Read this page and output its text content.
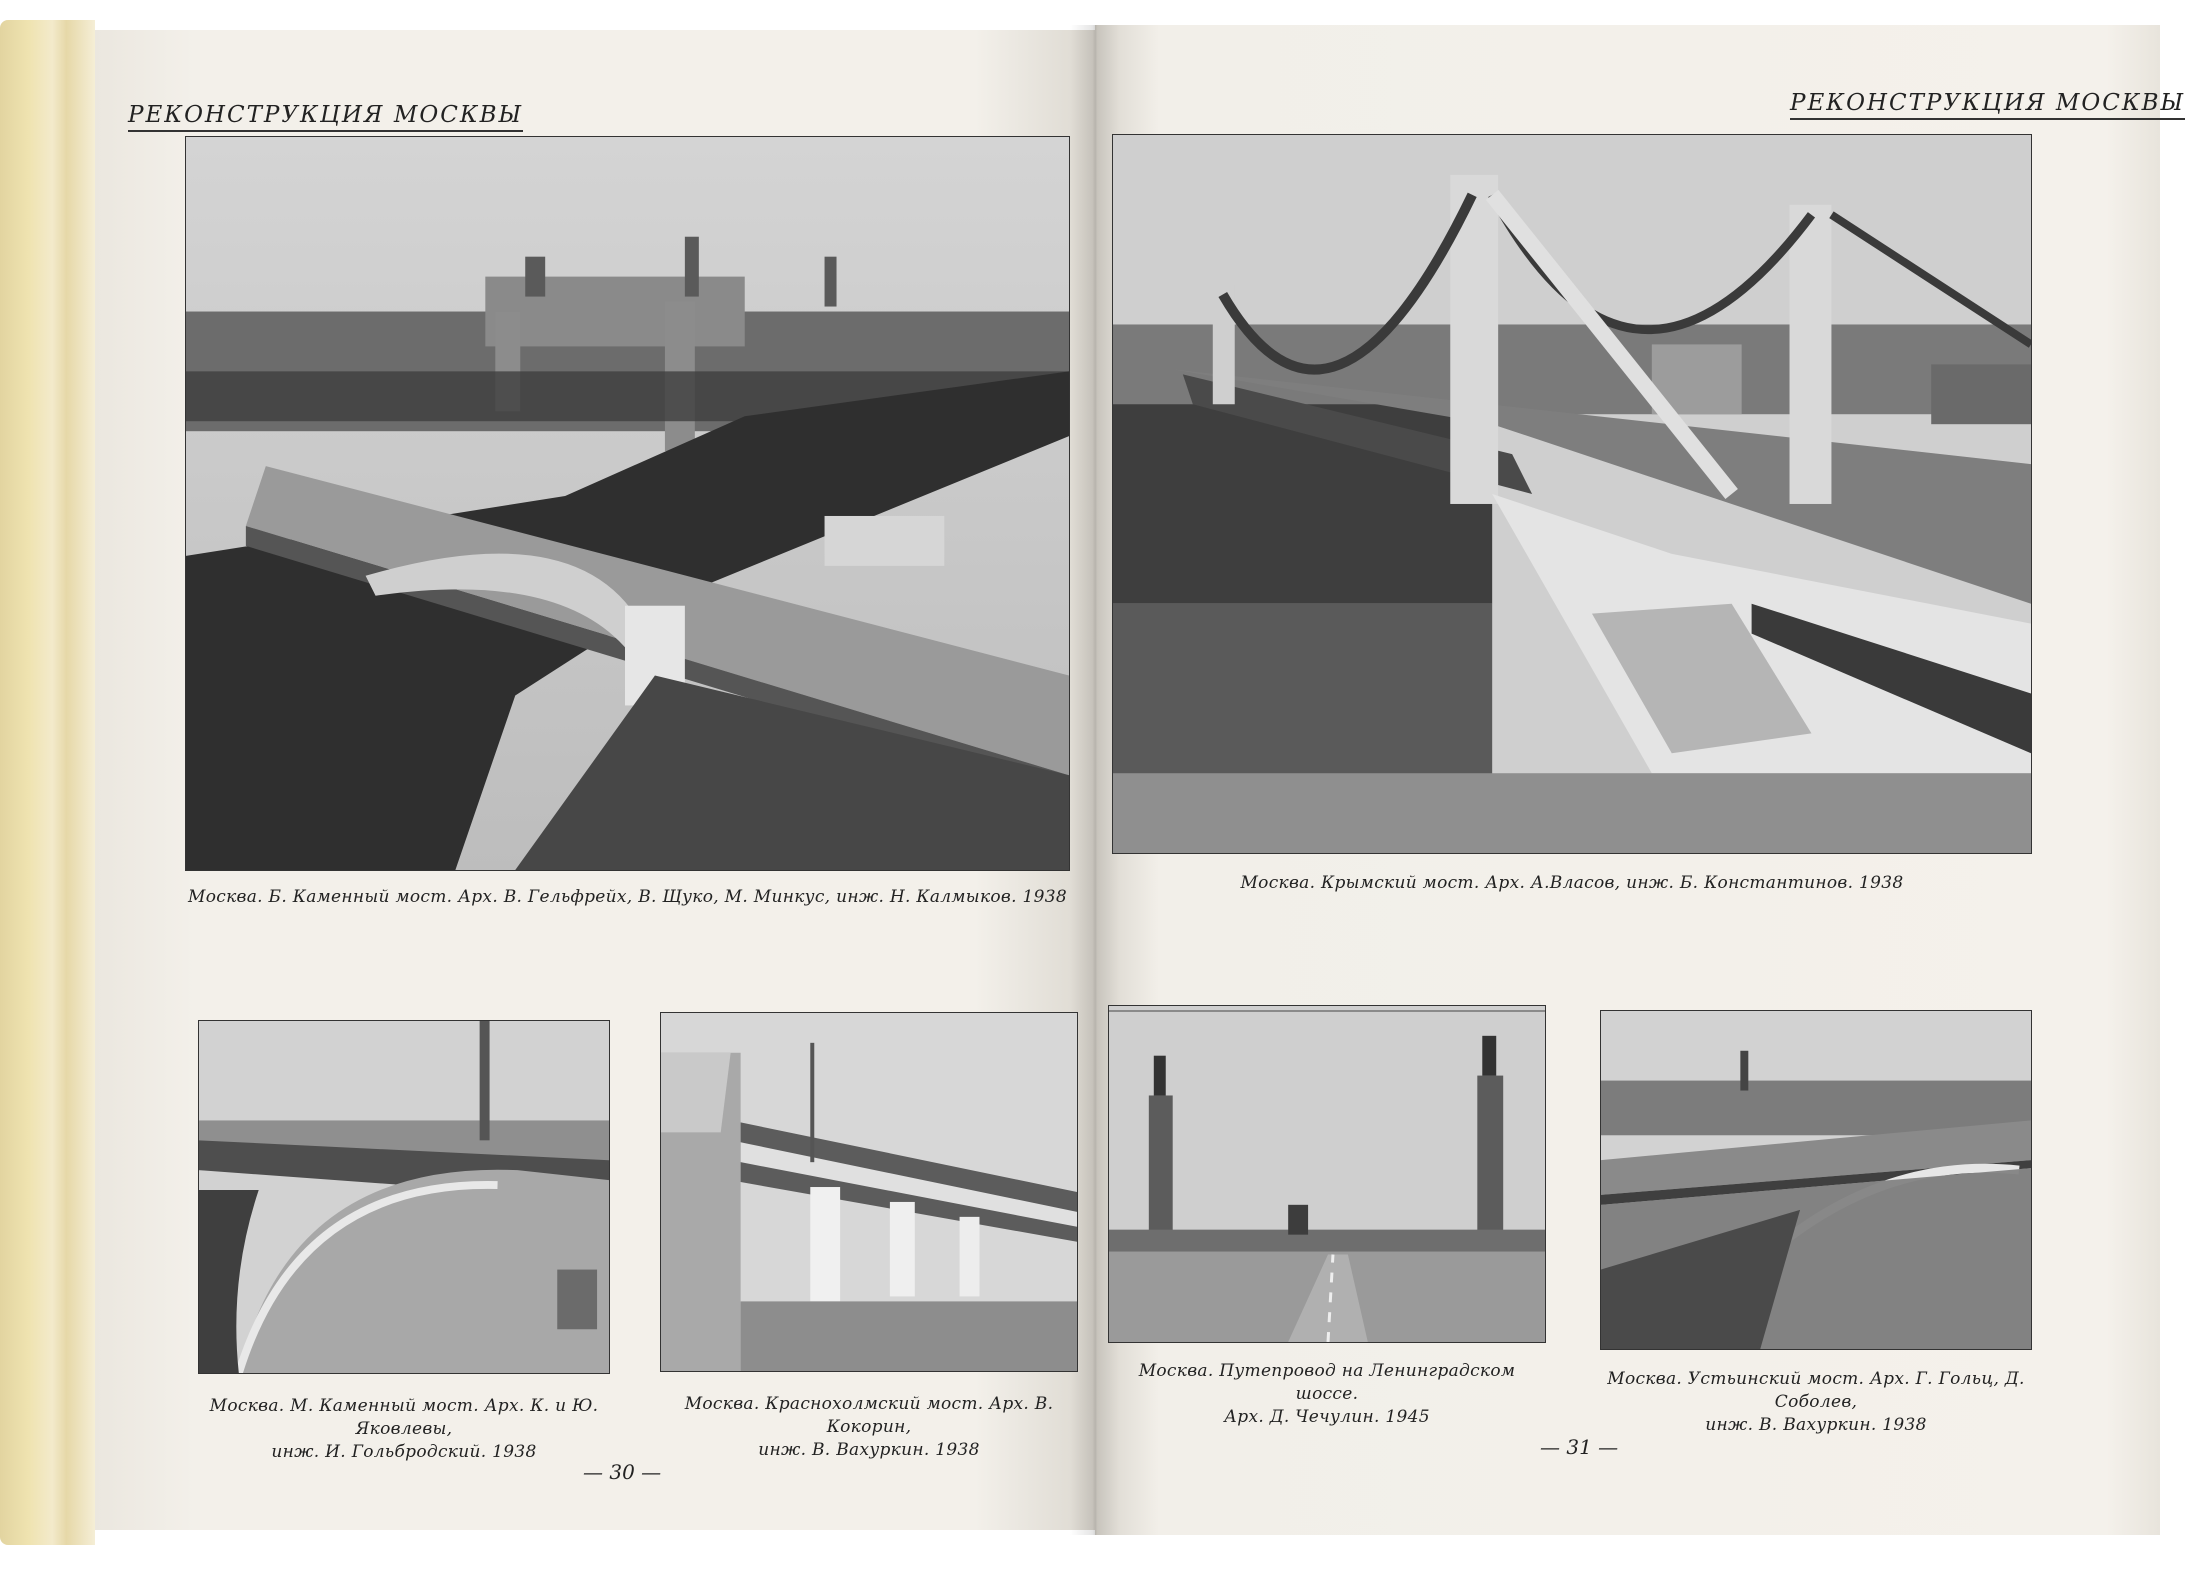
РЕКОНСТРУКЦИЯ МОСКВЫ	РЕКОНСТРУКЦИЯ МОСКВЫ
Москва. Б. Каменный мост. Арх. В. Гельфрейх, В. Щуко, М. Минкус, инж. Н. Калмыков. 1938
Москва. Крымский мост. Арх. А.Власов, инж. Б. Константинов. 1938
Москва. М. Каменный мост. Арх. К. и Ю. Яковлевы,
инж. И. Гольбродский. 1938
Москва. Краснохолмский мост. Арх. В. Кокорин,
инж. В. Вахуркин. 1938
Москва. Путепровод на Ленинградском шоссе.
Арх. Д. Чечулин. 1945
Москва. Устьинский мост. Арх. Г. Гольц, Д. Соболев,
инж. В. Вахуркин. 1938
— 30 —
— 31 —
